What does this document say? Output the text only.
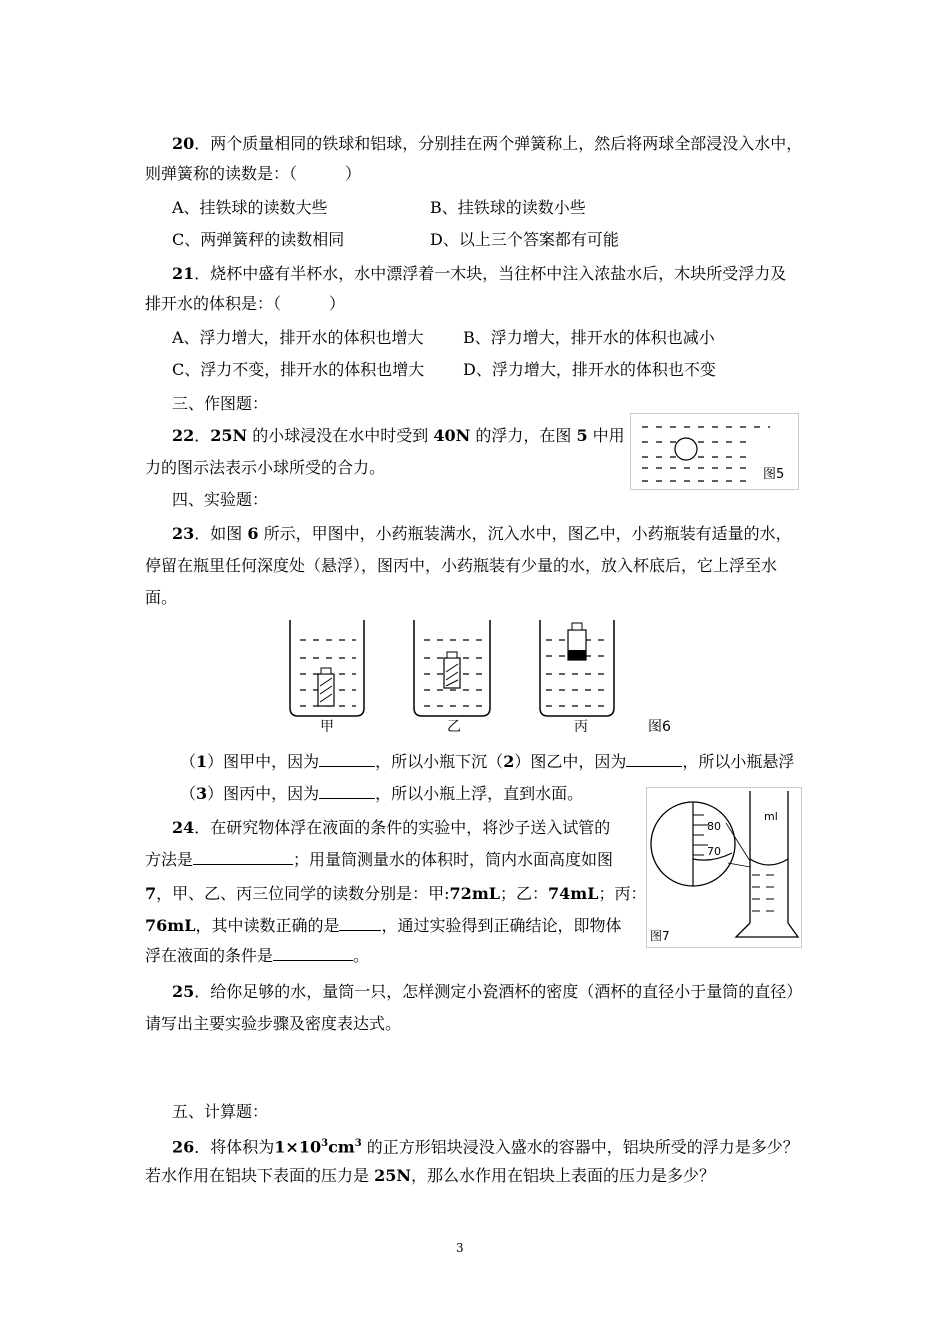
20．两个质量相同的铁球和铝球，分别挂在两个弹簧称上，然后将两球全部浸没入水中，
则弹簧称的读数是：（　　　）
A、挂铁球的读数大些	B、挂铁球的读数小些
C、两弹簧秤的读数相同	D、以上三个答案都有可能
21．烧杯中盛有半杯水，水中漂浮着一木块，当往杯中注入浓盐水后，木块所受浮力及
排开水的体积是：（　　　）
A、浮力增大，排开水的体积也增大 B、浮力增大，排开水的体积也减小
C、浮力不变，排开水的体积也增大 D、浮力增大，排开水的体积也不变
三、作图题：
22．25N 的小球浸没在水中时受到 40N 的浮力，在图 5 中用
力的图示法表示小球所受的合力。	图5
四、实验题：
23．如图 6 所示，甲图中，小药瓶装满水，沉入水中，图乙中，小药瓶装有适量的水，
停留在瓶里任何深度处（悬浮），图丙中，小药瓶装有少量的水，放入杯底后，它上浮至水
面。
甲	乙	丙	图6
（1）图甲中，因为	，所以小瓶下沉（2）图乙中，因为	，所以小瓶悬浮
（3）图丙中，因为	，所以小瓶上浮，直到水面。
24．在研究物体浮在液面的条件的实验中，将沙子送入试管的
方法是	；用量筒测量水的体积时，筒内水面高度如图
7，甲、乙、丙三位同学的读数分别是：甲:72mL；乙：74mL；丙：
76mL，其中读数正确的是	，通过实验得到正确结论，即物体
浮在液面的条件是	。
80
70
ml
图7
25．给你足够的水，量筒一只，怎样测定小瓷酒杯的密度（酒杯的直径小于量筒的直径）
请写出主要实验步骤及密度表达式。
五、计算题：
26．将体积为$1\times 10^3cm^3$ 的正方形铝块浸没入盛水的容器中，铝块所受的浮力是多少？
若水作用在铝块下表面的压力是 25N，那么水作用在铝块上表面的压力是多少？
3
